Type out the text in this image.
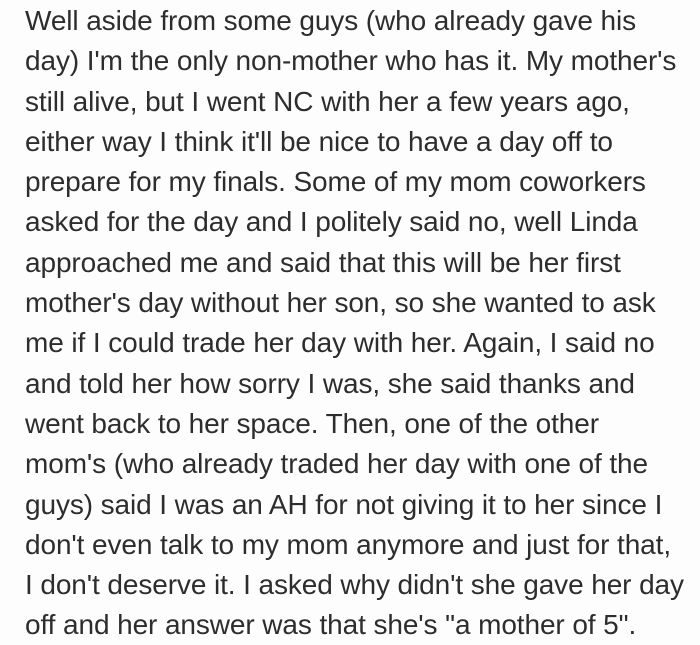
Well aside from some guys (who already gave his
day) I'm the only non-mother who has it. My mother's
still alive, but I went NC with her a few years ago,
either way I think it'll be nice to have a day off to
prepare for my finals. Some of my mom coworkers
asked for the day and I politely said no, well Linda
approached me and said that this will be her first
mother's day without her son, so she wanted to ask
me if I could trade her day with her. Again, I said no
and told her how sorry I was, she said thanks and
went back to her space. Then, one of the other
mom's (who already traded her day with one of the
guys) said I was an AH for not giving it to her since I
don't even talk to my mom anymore and just for that,
I don't deserve it. I asked why didn't she gave her day
off and her answer was that she's "a mother of 5".
